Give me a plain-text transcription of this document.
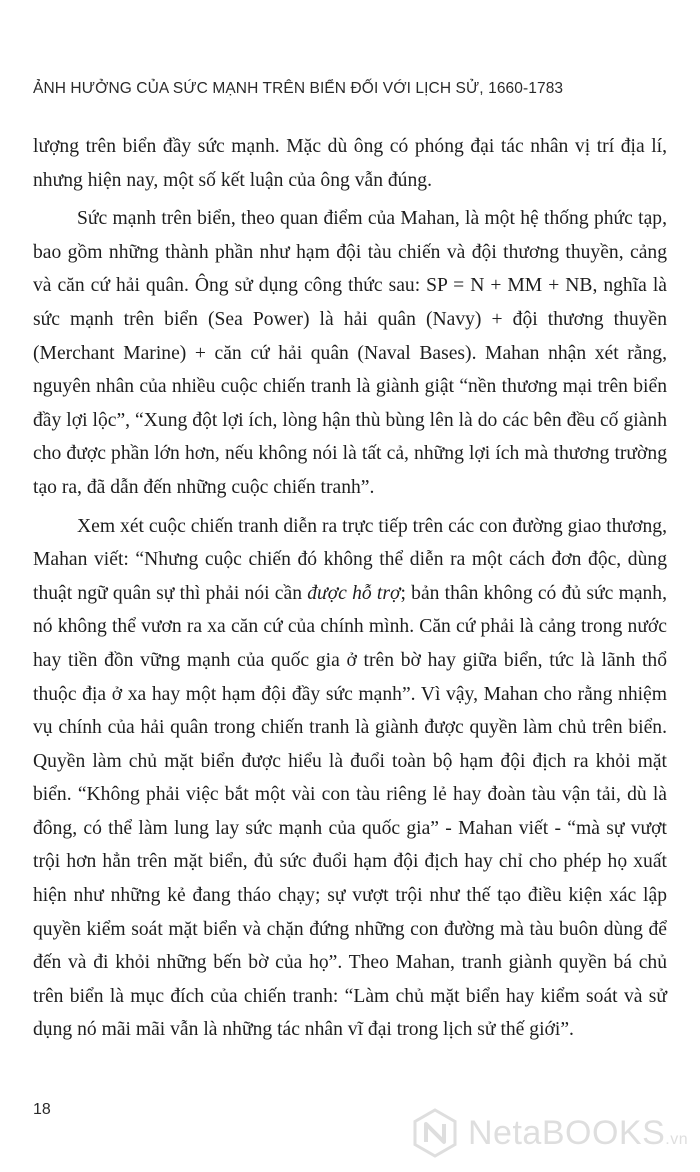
ẢNH HƯỞNG CỦA SỨC MẠNH TRÊN BIỂN ĐỐI VỚI LỊCH SỬ, 1660-1783

lượng trên biển đầy sức mạnh. Mặc dù ông có phóng đại tác nhân vị trí địa lí, nhưng hiện nay, một số kết luận của ông vẫn đúng.

Sức mạnh trên biển, theo quan điểm của Mahan, là một hệ thống phức tạp, bao gồm những thành phần như hạm đội tàu chiến và đội thương thuyền, cảng và căn cứ hải quân. Ông sử dụng công thức sau: SP = N + MM + NB, nghĩa là sức mạnh trên biển (Sea Power) là hải quân (Navy) + đội thương thuyền (Merchant Marine) + căn cứ hải quân (Naval Bases). Mahan nhận xét rằng, nguyên nhân của nhiều cuộc chiến tranh là giành giật “nền thương mại trên biển đầy lợi lộc”, “Xung đột lợi ích, lòng hận thù bùng lên là do các bên đều cố giành cho được phần lớn hơn, nếu không nói là tất cả, những lợi ích mà thương trường tạo ra, đã dẫn đến những cuộc chiến tranh”.

Xem xét cuộc chiến tranh diễn ra trực tiếp trên các con đường giao thương, Mahan viết: “Nhưng cuộc chiến đó không thể diễn ra một cách đơn độc, dùng thuật ngữ quân sự thì phải nói cần được hỗ trợ; bản thân không có đủ sức mạnh, nó không thể vươn ra xa căn cứ của chính mình. Căn cứ phải là cảng trong nước hay tiền đồn vững mạnh của quốc gia ở trên bờ hay giữa biển, tức là lãnh thổ thuộc địa ở xa hay một hạm đội đầy sức mạnh”. Vì vậy, Mahan cho rằng nhiệm vụ chính của hải quân trong chiến tranh là giành được quyền làm chủ trên biển. Quyền làm chủ mặt biển được hiểu là đuổi toàn bộ hạm đội địch ra khỏi mặt biển. “Không phải việc bắt một vài con tàu riêng lẻ hay đoàn tàu vận tải, dù là đông, có thể làm lung lay sức mạnh của quốc gia” - Mahan viết - “mà sự vượt trội hơn hẳn trên mặt biển, đủ sức đuổi hạm đội địch hay chỉ cho phép họ xuất hiện như những kẻ đang tháo chạy; sự vượt trội như thế tạo điều kiện xác lập quyền kiểm soát mặt biển và chặn đứng những con đường mà tàu buôn dùng để đến và đi khỏi những bến bờ của họ”. Theo Mahan, tranh giành quyền bá chủ trên biển là mục đích của chiến tranh: “Làm chủ mặt biển hay kiểm soát và sử dụng nó mãi mãi vẫn là những tác nhân vĩ đại trong lịch sử thế giới”.

18
NetaBOOKS.vn
